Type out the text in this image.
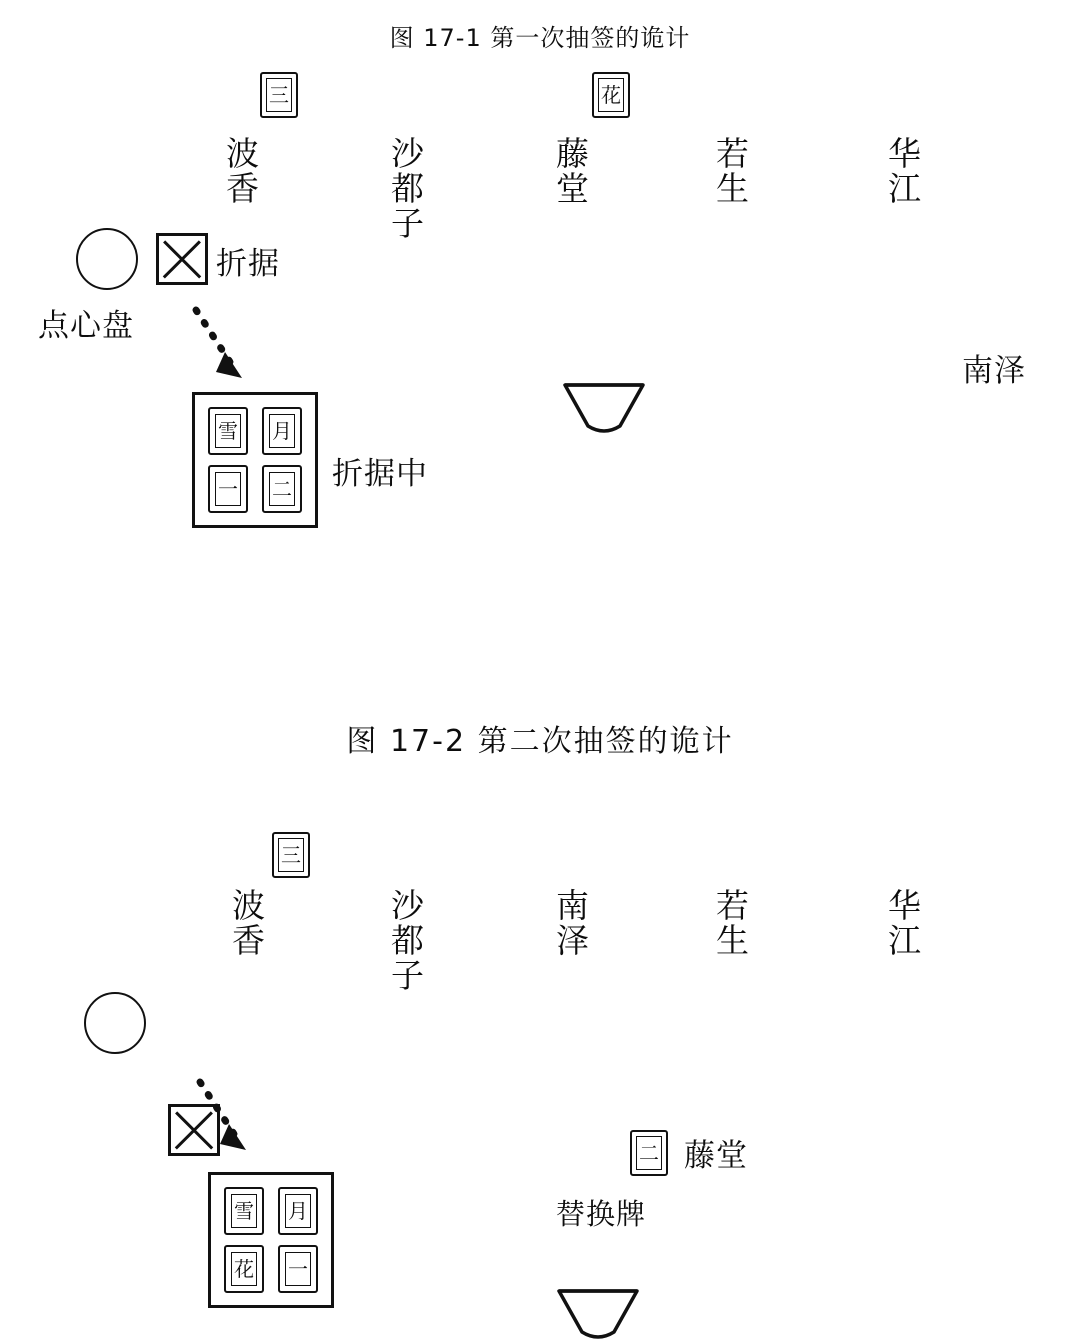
图 17-1 第一次抽签的诡计
三	花
波香	沙都子	藤堂	若生	华江
点心盘
折据
雪 月
一 二 折据中
南泽
图 17-2 第二次抽签的诡计
三
波香	沙都子	南泽	若生	华江
雪 月
花 一
二 藤堂
替换牌
